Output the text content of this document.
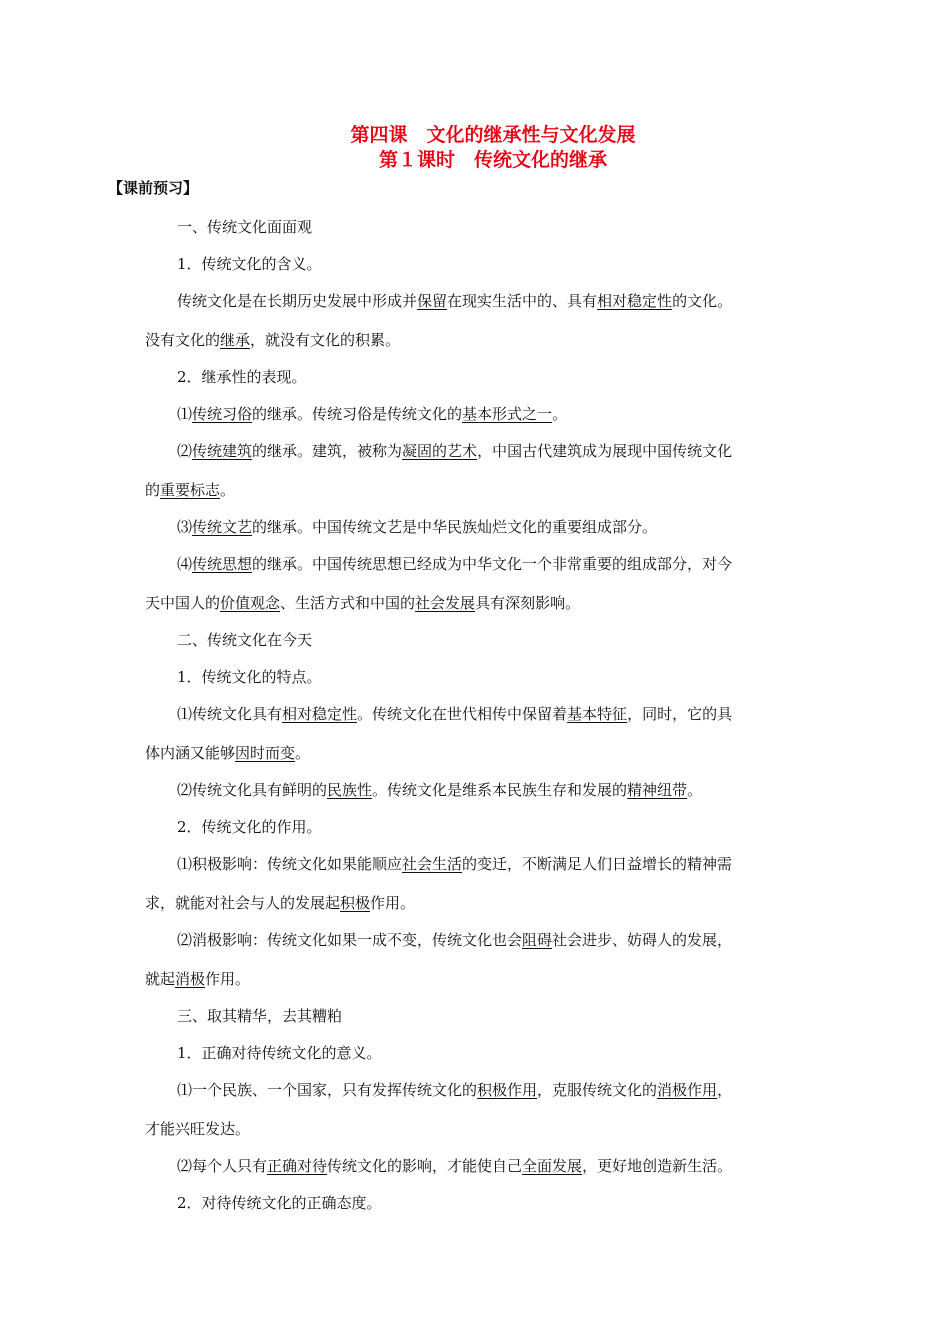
第四课　文化的继承性与文化发展
第１课时　传统文化的继承
【课前预习】
一、传统文化面面观
1．传统文化的含义。
传统文化是在长期历史发展中形成并保留在现实生活中的、具有相对稳定性的文化。
没有文化的继承，就没有文化的积累。
2．继承性的表现。
⑴传统习俗的继承。传统习俗是传统文化的基本形式之一。
⑵传统建筑的继承。建筑，被称为凝固的艺术，中国古代建筑成为展现中国传统文化
的重要标志。
⑶传统文艺的继承。中国传统文艺是中华民族灿烂文化的重要组成部分。
⑷传统思想的继承。中国传统思想已经成为中华文化一个非常重要的组成部分，对今
天中国人的价值观念、生活方式和中国的社会发展具有深刻影响。
二、传统文化在今天
1．传统文化的特点。
⑴传统文化具有相对稳定性。传统文化在世代相传中保留着基本特征，同时，它的具
体内涵又能够因时而变。
⑵传统文化具有鲜明的民族性。传统文化是维系本民族生存和发展的精神纽带。
2．传统文化的作用。
⑴积极影响：传统文化如果能顺应社会生活的变迁，不断满足人们日益增长的精神需
求，就能对社会与人的发展起积极作用。
⑵消极影响：传统文化如果一成不变，传统文化也会阻碍社会进步、妨碍人的发展，
就起消极作用。
三、取其精华，去其糟粕
1．正确对待传统文化的意义。
⑴一个民族、一个国家，只有发挥传统文化的积极作用，克服传统文化的消极作用，
才能兴旺发达。
⑵每个人只有正确对待传统文化的影响，才能使自己全面发展，更好地创造新生活。
2．对待传统文化的正确态度。
